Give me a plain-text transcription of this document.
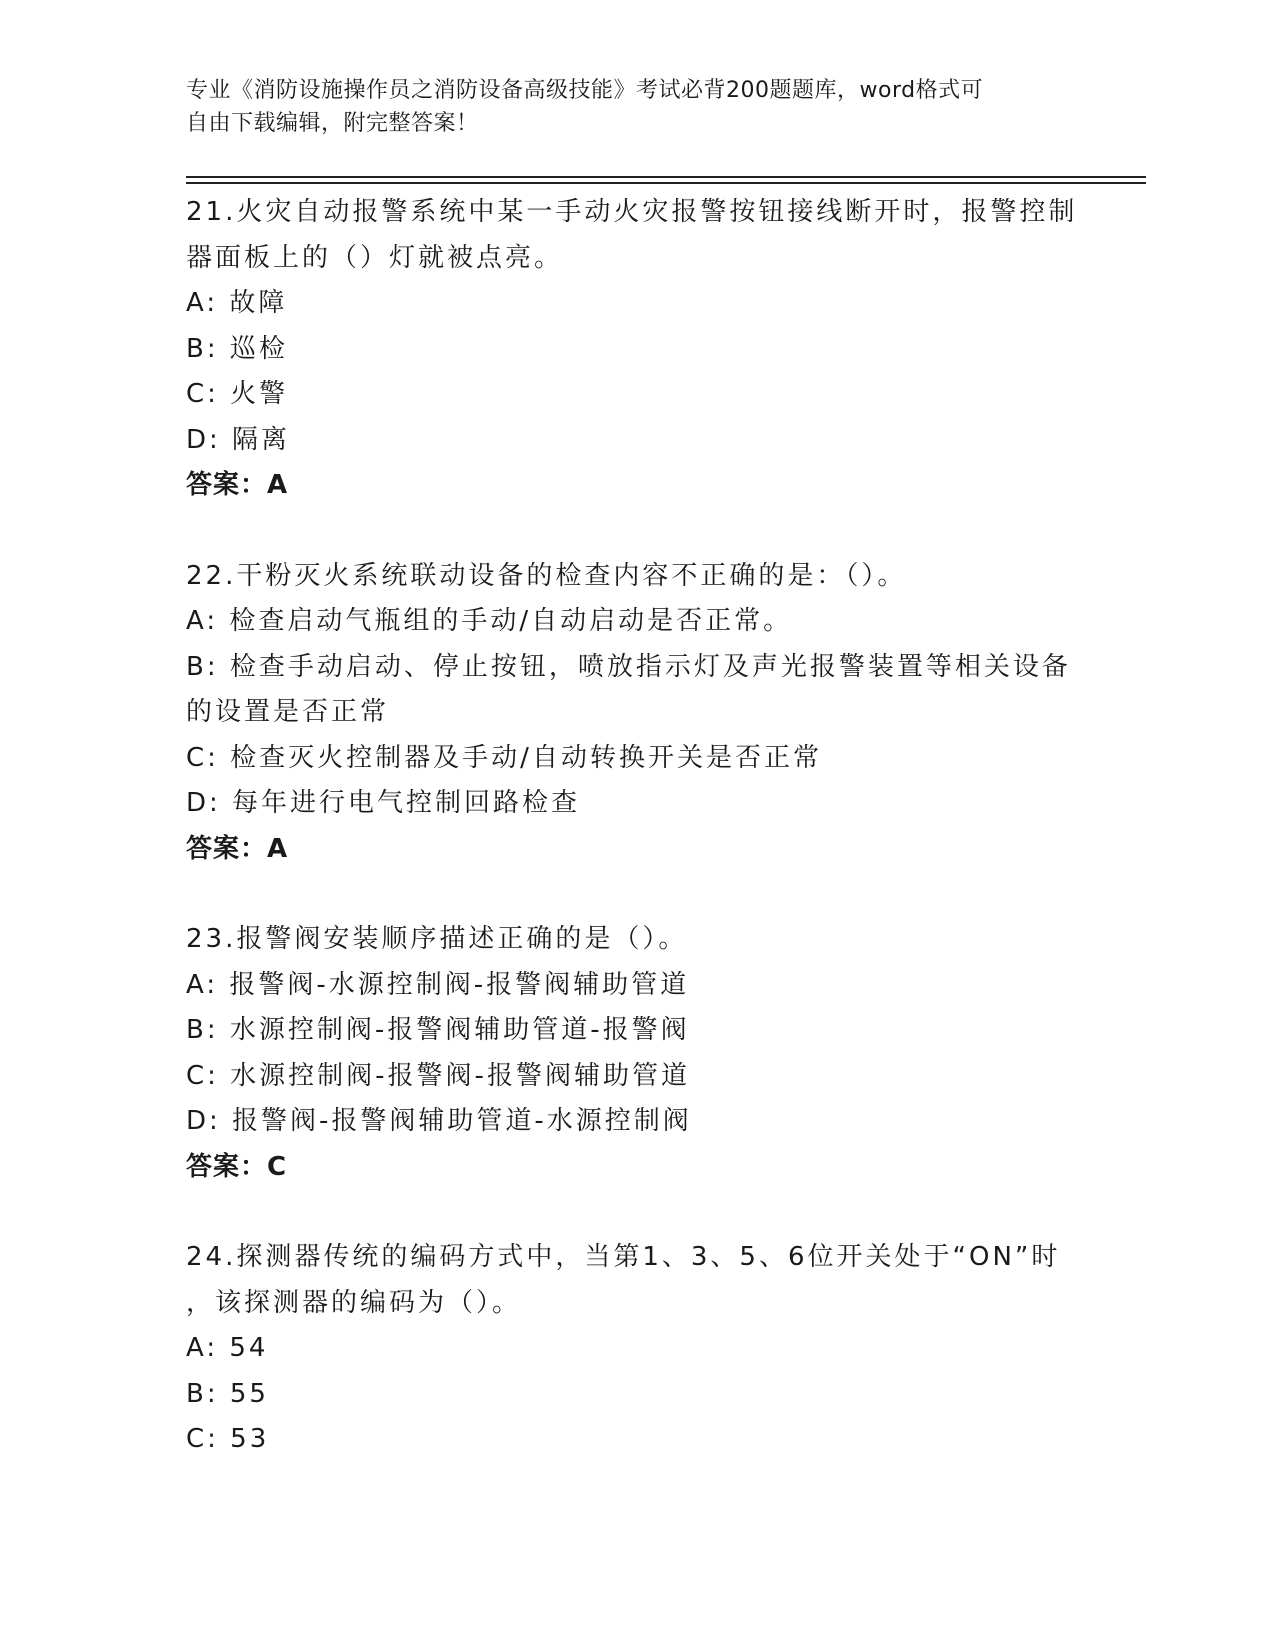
专业《消防设施操作员之消防设备高级技能》考试必背200题题库，word格式可
自由下载编辑，附完整答案！
21.火灾自动报警系统中某一手动火灾报警按钮接线断开时，报警控制
器面板上的（）灯就被点亮。
A: 故障
B: 巡检
C: 火警
D: 隔离
答案：A
22.干粉灭火系统联动设备的检查内容不正确的是：（）。
A: 检查启动气瓶组的手动/自动启动是否正常。
B: 检查手动启动、停止按钮，喷放指示灯及声光报警装置等相关设备
的设置是否正常
C: 检查灭火控制器及手动/自动转换开关是否正常
D: 每年进行电气控制回路检查
答案：A
23.报警阀安装顺序描述正确的是（）。
A: 报警阀-水源控制阀-报警阀辅助管道
B: 水源控制阀-报警阀辅助管道-报警阀
C: 水源控制阀-报警阀-报警阀辅助管道
D: 报警阀-报警阀辅助管道-水源控制阀
答案：C
24.探测器传统的编码方式中，当第1、3、5、6位开关处于“ON”时
，该探测器的编码为（）。
A: 54
B: 55
C: 53
